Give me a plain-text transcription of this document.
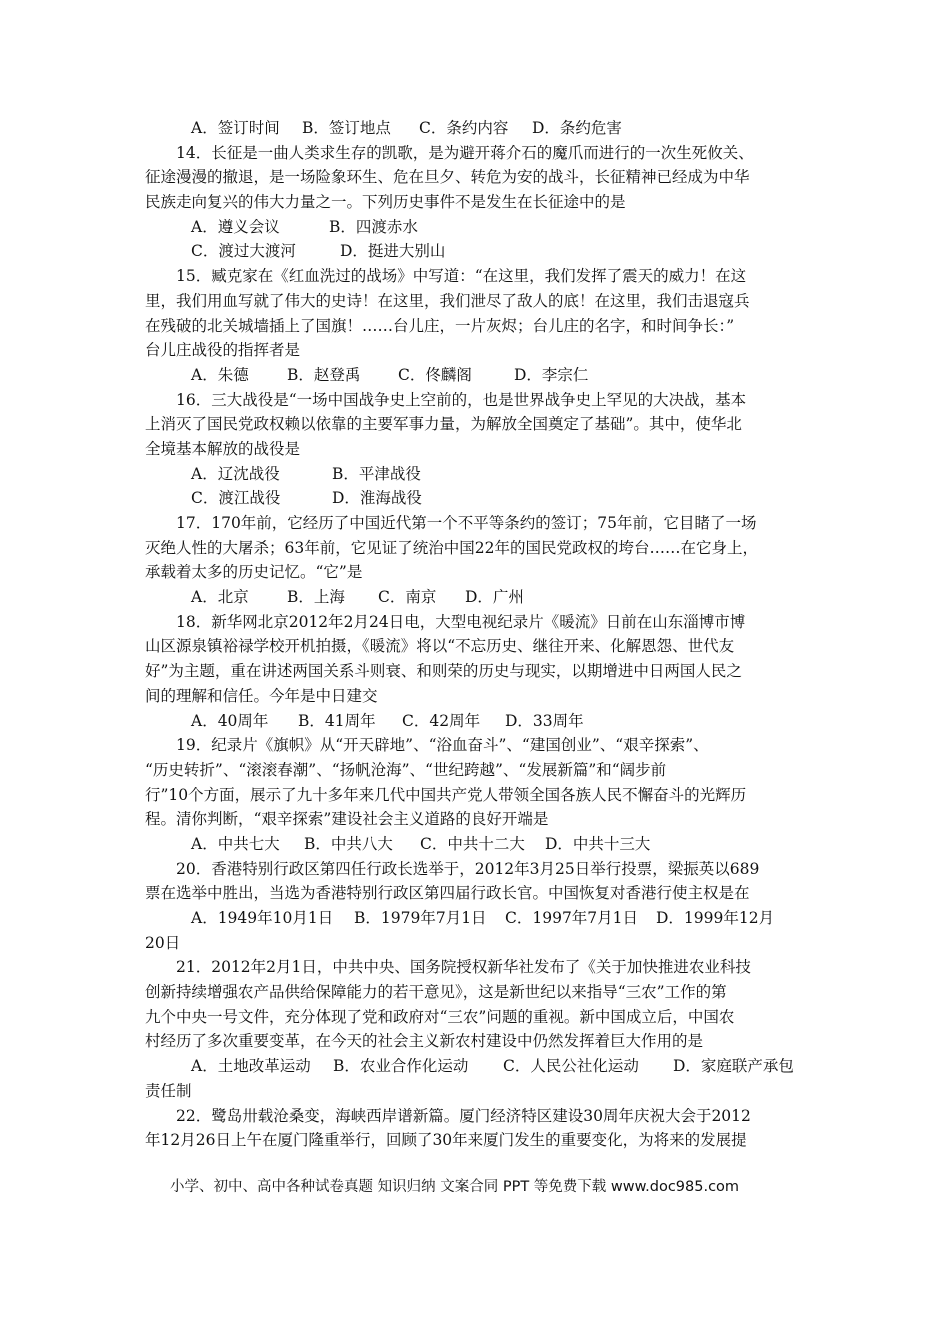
A．签订时间 B．签订地点 C．条约内容 D．条约危害
14．长征是一曲人类求生存的凯歌，是为避开蒋介石的魔爪而进行的一次生死攸关、
征途漫漫的撤退，是一场险象环生、危在旦夕、转危为安的战斗，长征精神已经成为中华
民族走向复兴的伟大力量之一。下列历史事件不是发生在长征途中的是
A．遵义会议	B．四渡赤水
C．渡过大渡河	D．挺进大别山
15．臧克家在《红血洗过的战场》中写道：“在这里，我们发挥了震天的威力！在这
里，我们用血写就了伟大的史诗！在这里，我们泄尽了敌人的底！在这里，我们击退寇兵
在残破的北关城墙插上了国旗！……台儿庄，一片灰烬；台儿庄的名字，和时间争长：”
台儿庄战役的指挥者是
A．朱德 B．赵登禹 C．佟麟阁	D．李宗仁
16．三大战役是“一场中国战争史上空前的，也是世界战争史上罕见的大决战，基本
上消灭了国民党政权赖以依靠的主要军事力量，为解放全国奠定了基础”。其中，使华北
全境基本解放的战役是
A．辽沈战役	B．平津战役
C．渡江战役	D．淮海战役
17．170年前，它经历了中国近代第一个不平等条约的签订；75年前，它目睹了一场
灭绝人性的大屠杀；63年前，它见证了统治中国22年的国民党政权的垮台……在它身上，
承载着太多的历史记忆。“它”是
A．北京 B．上海 C．南京 D．广州
18．新华网北京2012年2月24日电，大型电视纪录片《暖流》日前在山东淄博市博
山区源泉镇裕禄学校开机拍摄，《暖流》将以“不忘历史、继往开来、化解恩怨、世代友
好”为主题，重在讲述两国关系斗则衰、和则荣的历史与现实，以期增进中日两国人民之
间的理解和信任。今年是中日建交
A．40周年 B．41周年 C．42周年 D．33周年
19．纪录片《旗帜》从“开天辟地”、“浴血奋斗”、“建国创业”、“艰辛探索”、
“历史转折”、“滚滚春潮”、“扬帆沧海”、“世纪跨越”、“发展新篇”和“阔步前
行”10个方面，展示了九十多年来几代中国共产党人带领全国各族人民不懈奋斗的光辉历
程。清你判断，“艰辛探索”建设社会主义道路的良好开端是
A．中共七大 B．中共八大 C．中共十二大 D．中共十三大
20．香港特别行政区第四任行政长选举于，2012年3月25日举行投票，梁振英以689
票在选举中胜出，当选为香港特别行政区第四届行政长官。中国恢复对香港行使主权是在
A．1949年10月1日 B．1979年7月1日 C．1997年7月1日 D．1999年12月
20日
21．2012年2月1日，中共中央、国务院授权新华社发布了《关于加快推进农业科技
创新持续增强农产品供给保障能力的若干意见》，这是新世纪以来指导“三农”工作的第
九个中央一号文件，充分体现了党和政府对“三农”问题的重视。新中国成立后，中国农
村经历了多次重要变革，在今天的社会主义新农村建设中仍然发挥着巨大作用的是
A．土地改革运动 B．农业合作化运动 C．人民公社化运动 D．家庭联产承包
责任制
22．鹭岛卅载沧桑变，海峡西岸谱新篇。厦门经济特区建设30周年庆祝大会于2012
年12月26日上午在厦门隆重举行，回顾了30年来厦门发生的重要变化，为将来的发展提
小学、初中、高中各种试卷真题 知识归纳 文案合同 PPT 等免费下载 www.doc985.com
